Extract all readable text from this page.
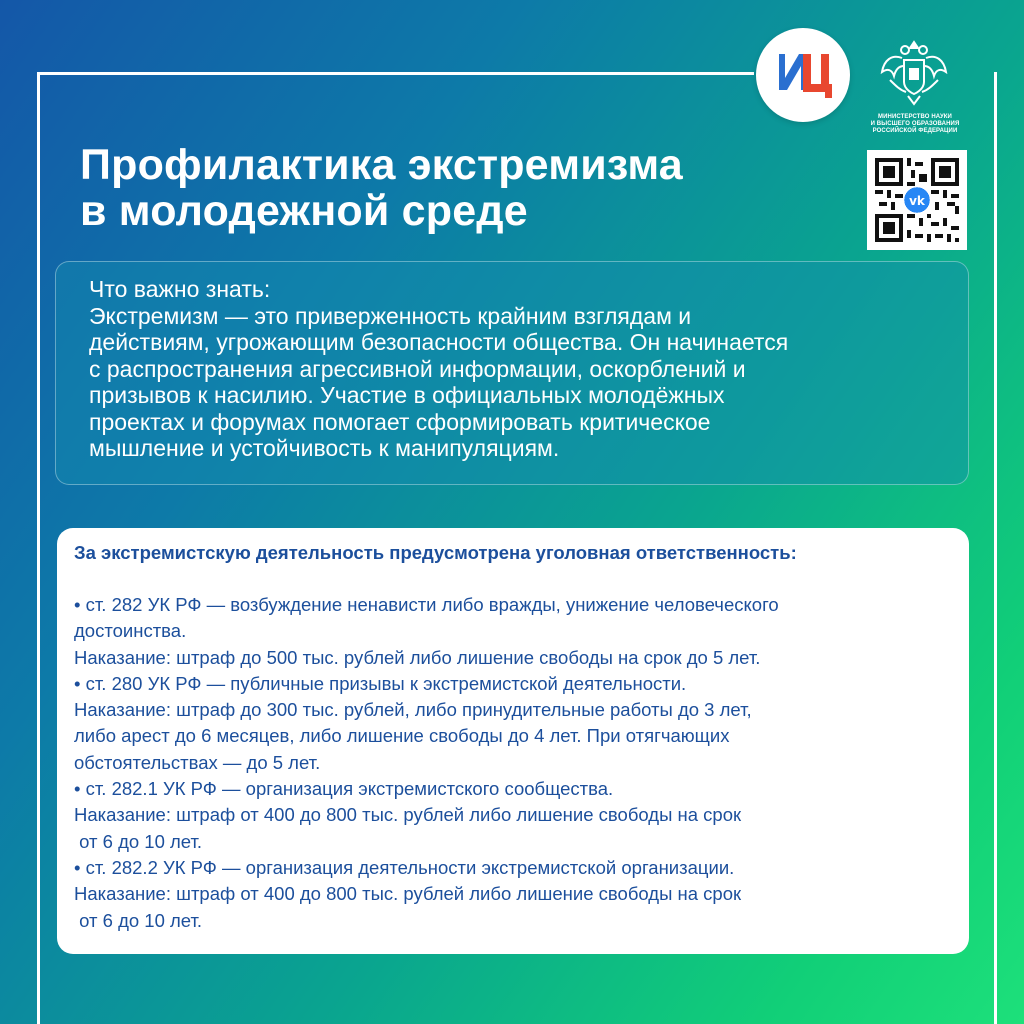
МИНИСТЕРСТВО НАУКИ
И ВЫСШЕГО ОБРАЗОВАНИЯ
РОССИЙСКОЙ ФЕДЕРАЦИИ
vk
Профилактика экстремизма
в молодежной среде

Что важно знать:

Экстремизм — это приверженность крайним взглядам и

действиям, угрожающим безопасности общества. Он начинается

с распространения агрессивной информации, оскорблений и

призывов к насилию. Участие в официальных молодёжных

проектах и форумах помогает сформировать критическое

мышление и устойчивость к манипуляциям.

За экстремистскую деятельность предусмотрена уголовная ответственность:

• ст. 282 УК РФ — возбуждение ненависти либо вражды, унижение человеческого

достоинства.

Наказание: штраф до 500 тыс. рублей либо лишение свободы на срок до 5 лет.

• ст. 280 УК РФ — публичные призывы к экстремистской деятельности.

Наказание: штраф до 300 тыс. рублей, либо принудительные работы до 3 лет,

либо арест до 6 месяцев, либо лишение свободы до 4 лет. При отягчающих

обстоятельствах — до 5 лет.

• ст. 282.1 УК РФ — организация экстремистского сообщества.

Наказание: штраф от 400 до 800 тыс. рублей либо лишение свободы на срок

от 6 до 10 лет.

• ст. 282.2 УК РФ — организация деятельности экстремистской организации.

Наказание: штраф от 400 до 800 тыс. рублей либо лишение свободы на срок

от 6 до 10 лет.
